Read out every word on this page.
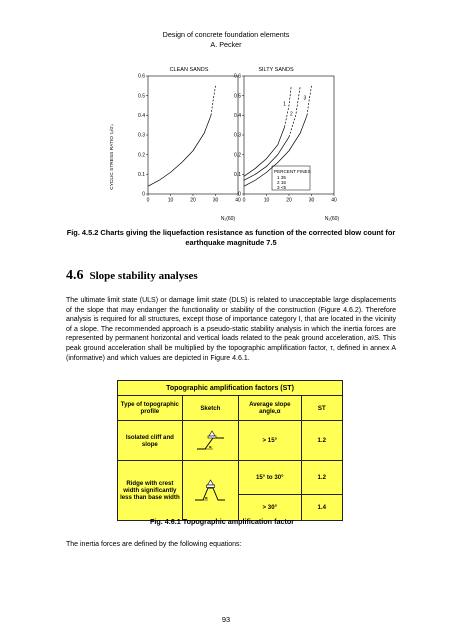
Design of concrete foundation elements
A. Pecker
CLEAN SANDS
CYCLIC STRESS RATIO τₑ/σ′ᵥ
N₁(60)
0.6
0.5
0.4
0.3
0.2
0.1
0
0	10	20	30	40
SILTY SANDS
N₁(60)
PERCENT FINES
1 35
2 15
3 <5
0.6
0.5
0.4
0.3
0.2
0.1
0
0	10	20	30	40
1
2
3
Fig. 4.5.2 Charts giving the liquefaction resistance as function of the corrected blow count for earthquake magnitude 7.5
4.6 Slope stability analyses
The ultimate limit state (ULS) or damage limit state (DLS) is related to unacceptable large displacements of the slope that may endanger the functionality or stability of the construction (Figure 4.6.2). Therefore analysis is required for all structures, except those of importance category I, that are located in the vicinity of a slope. The recommended approach is a pseudo-static stability analysis in which the inertia forces are represented by permanent horizontal and vertical loads related to the peak ground acceleration, aᵍS. This peak ground acceleration shall be multiplied by the topographic amplification factor, τ, defined in annex A (informative) and which values are depicted in Figure 4.6.1.
Topographic amplification factors (ST)			
Type of topographic profile	Sketch	Average slope angle,α	ST
Isolated cliff and slope	α	> 15°	1.2
Ridge with crest width significantly less than base width	α	15° to 30°	1.2
		> 30°	1.4
Fig. 4.6.1 Topographic amplification factor
The inertia forces are defined by the following equations:
93
